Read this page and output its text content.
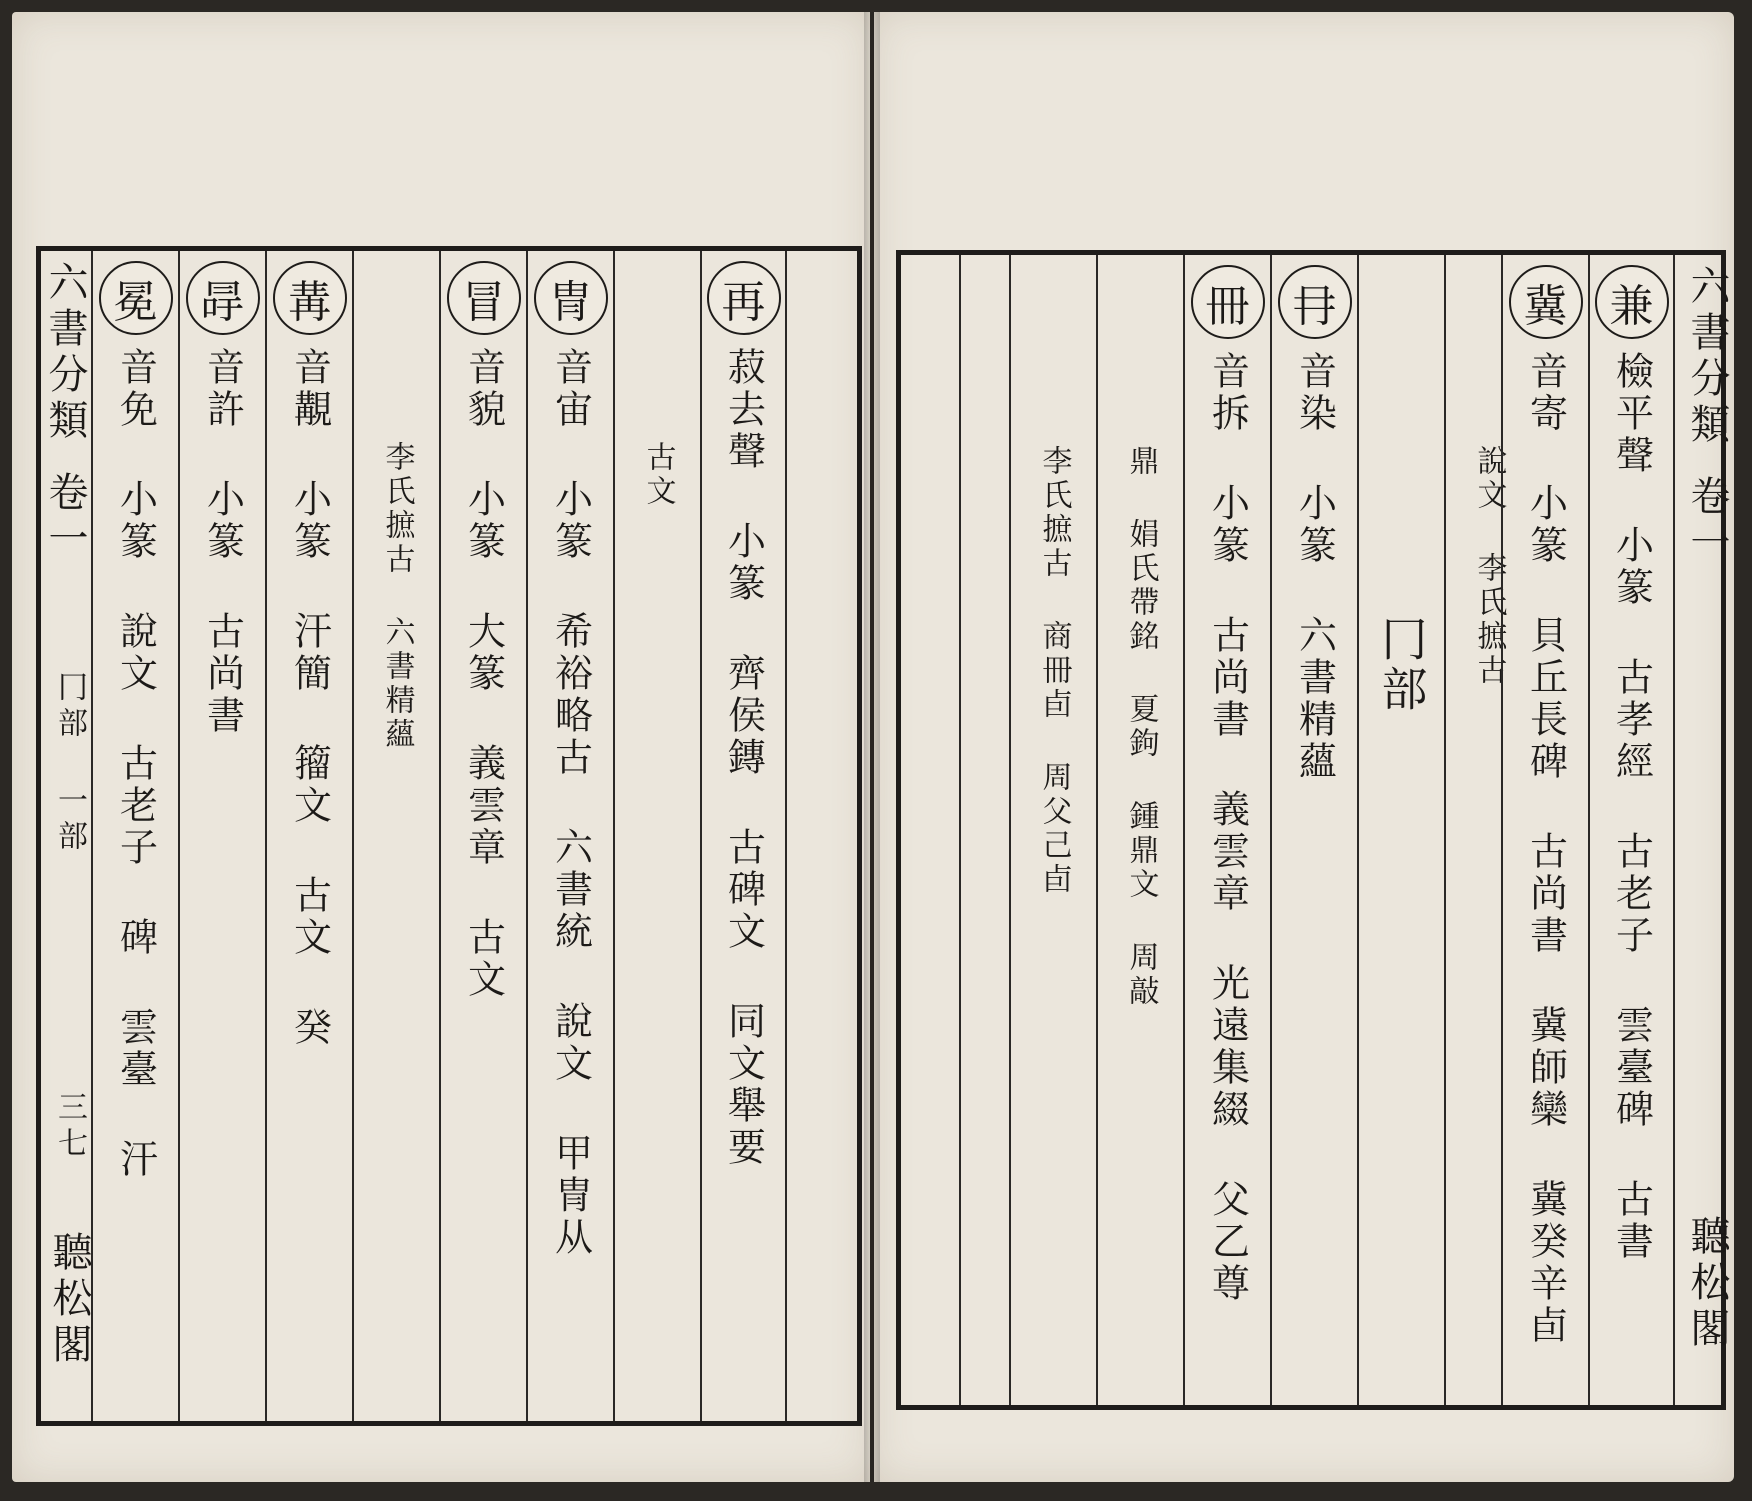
六書分類
卷一
冂部 一部
三七
聽松閣
冕
音免 小篆 說文 古老子 碑 雲臺 汗
冔
音許 小篆 古尚書
冓
音覯 小篆 汗簡 籀文 古文 癸 李氏摭古 六書精蘊
冒
音貌 小篆 大篆 義雲章 古文
冑
音宙 小篆 希裕略古 六書統 說文 甲冑从 古文
再
菽去聲 小篆 齊侯鏄 古碑文 同文舉要	李氏摭古 商冊卣 周父己卣 鼎 娟氏帶銘 夏鉤 鍾鼎文 周敲
冊
音拆 小篆 古尚書 義雲章 光遠集綴 父乙尊
冄
音染 小篆 六書精蘊 冂部 說文 李氏摭古
冀
音寄 小篆 貝丘長碑 古尚書 冀師欒 冀癸辛卣
兼
檢平聲 小篆 古孝經 古老子 雲臺碑 古書 六書分類
卷一
聽松閣
